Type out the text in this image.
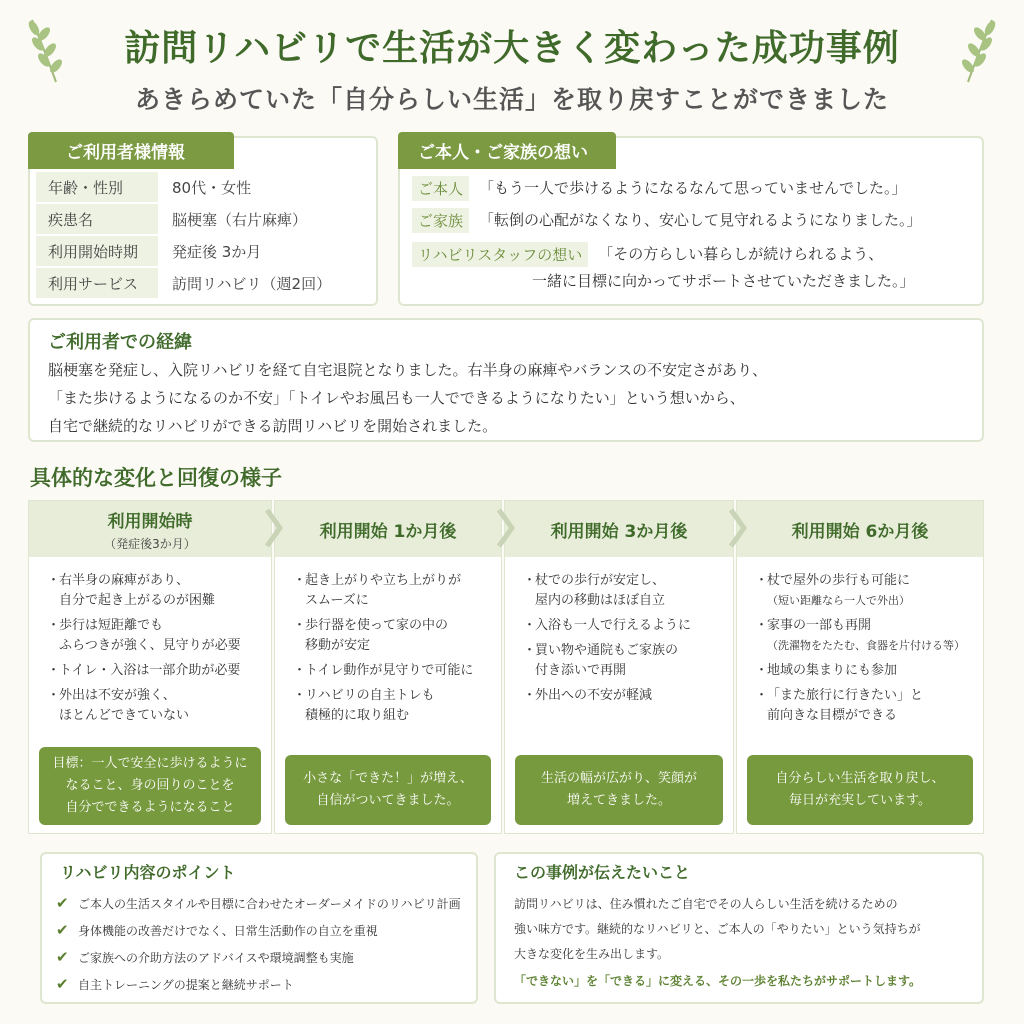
訪問リハビリで生活が大きく変わった成功事例
あきらめていた「自分らしい生活」を取り戻すことができました
ご利用者様情報
年齢・性別	80代・女性
疾患名	脳梗塞（右片麻痺）
利用開始時期	発症後 3か月
利用サービス	訪問リハビリ（週2回）
ご本人・ご家族の想い
ご本人	「もう一人で歩けるようになるなんて思っていませんでした。」
ご家族	「転倒の心配がなくなり、安心して見守れるようになりました。」
リハビリスタッフの想い	「その方らしい暮らしが続けられるよう、
一緒に目標に向かってサポートさせていただきました。」
ご利用者での経緯
脳梗塞を発症し、入院リハビリを経て自宅退院となりました。右半身の麻痺やバランスの不安定さがあり、
「また歩けるようになるのか不安」「トイレやお風呂も一人でできるようになりたい」という想いから、
自宅で継続的なリハビリができる訪問リハビリを開始されました。
具体的な変化と回復の様子
利用開始時
（発症後3か月）
・
右半身の麻痺があり、
自分で起き上がるのが困難
・
歩行は短距離でも
ふらつきが強く、見守りが必要
・
トイレ・入浴は一部介助が必要
・
外出は不安が強く、
ほとんどできていない
目標：一人で安全に歩けるように
なること、身の回りのことを
自分でできるようになること
利用開始 1か月後
・
起き上がりや立ち上がりが
スムーズに
・
歩行器を使って家の中の
移動が安定
・
トイレ動作が見守りで可能に
・
リハビリの自主トレも
積極的に取り組む
小さな「できた！」が増え、
自信がついてきました。
利用開始 3か月後
・
杖での歩行が安定し、
屋内の移動はほぼ自立
・
入浴も一人で行えるように
・
買い物や通院もご家族の
付き添いで再開
・
外出への不安が軽減
生活の幅が広がり、笑顔が
増えてきました。
利用開始 6か月後
・
杖で屋外の歩行も可能に
（短い距離なら一人で外出）
・
家事の一部も再開
（洗濯物をたたむ、食器を片付ける等）
・
地域の集まりにも参加
・
「また旅行に行きたい」と
前向きな目標ができる
自分らしい生活を取り戻し、
毎日が充実しています。
リハビリ内容のポイント
✔ ご本人の生活スタイルや目標に合わせたオーダーメイドのリハビリ計画
✔ 身体機能の改善だけでなく、日常生活動作の自立を重視
✔ ご家族への介助方法のアドバイスや環境調整も実施
✔ 自主トレーニングの提案と継続サポート
この事例が伝えたいこと
訪問リハビリは、住み慣れたご自宅でその人らしい生活を続けるための
強い味方です。継続的なリハビリと、ご本人の「やりたい」という気持ちが
大きな変化を生み出します。
「できない」を「できる」に変える、その一歩を私たちがサポートします。
